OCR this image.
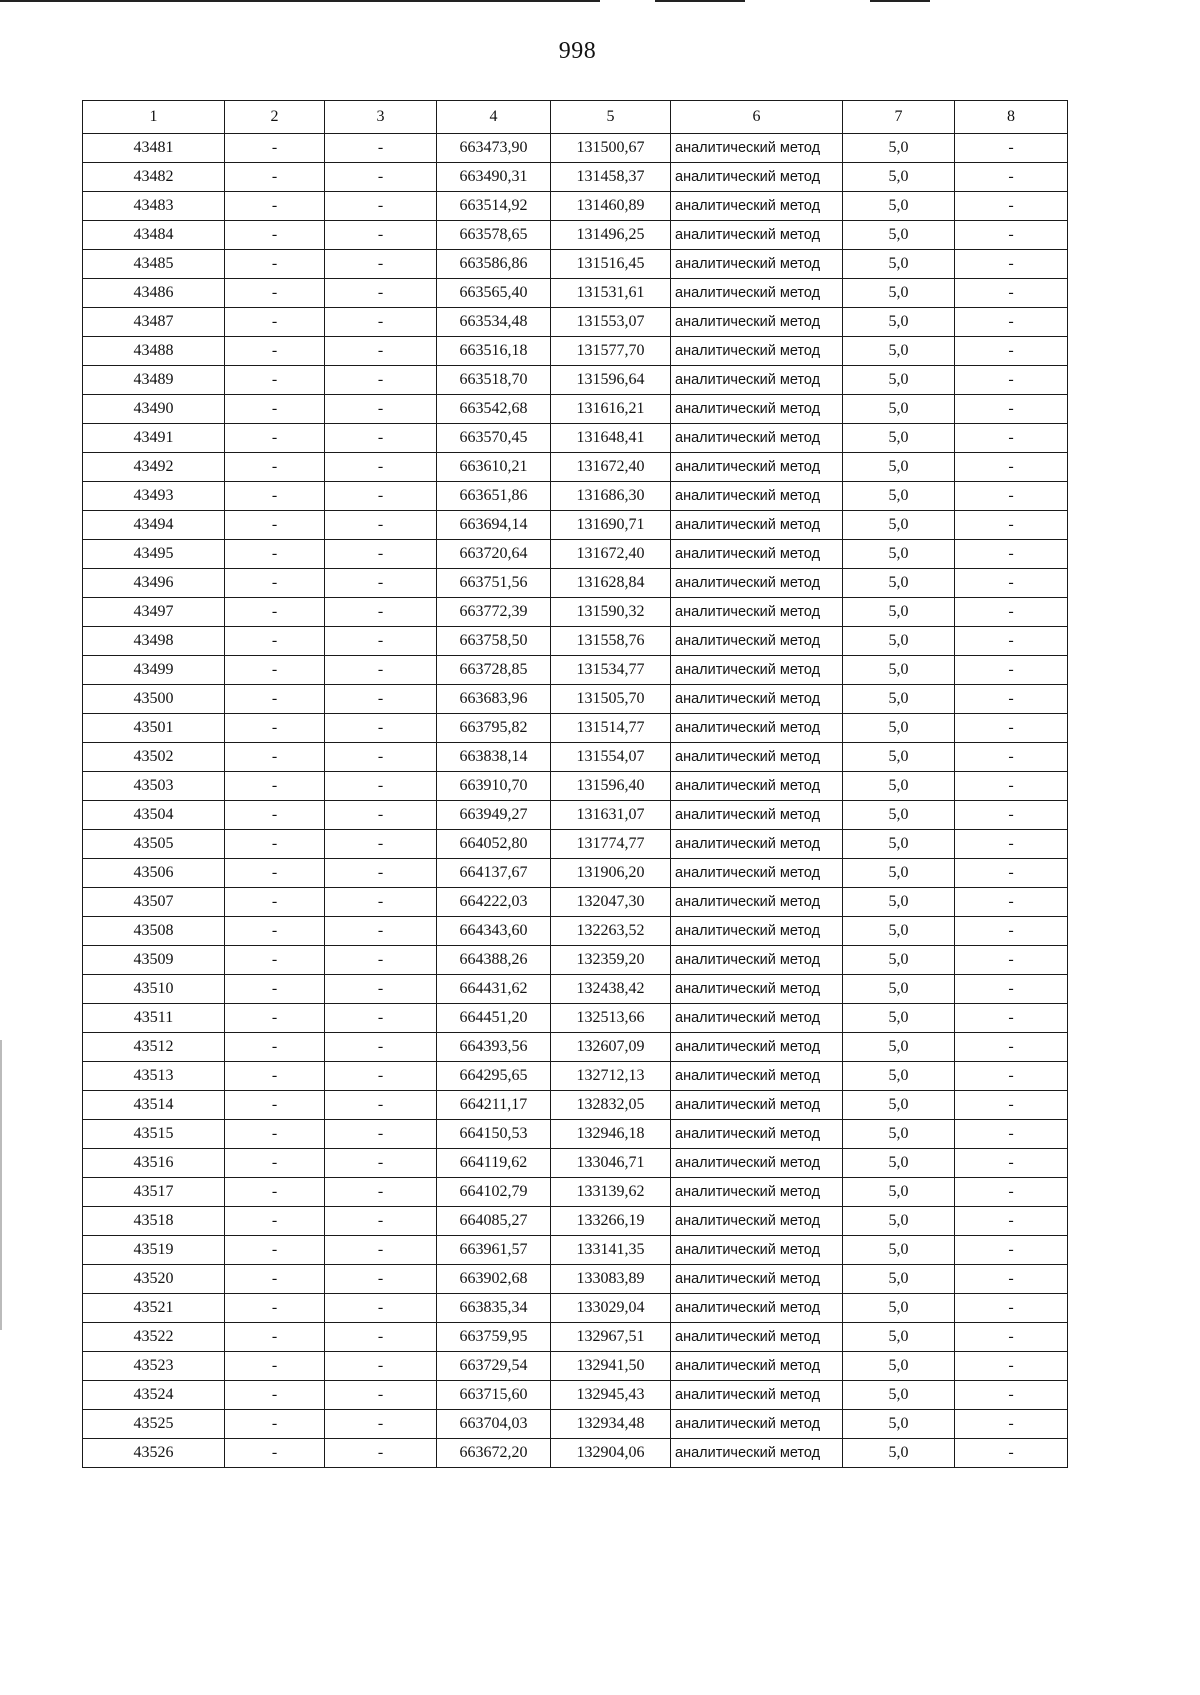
998
1	2	3	4	5	6	7	8
43481	-	-	663473,90	131500,67	аналитический метод	5,0	-
43482	-	-	663490,31	131458,37	аналитический метод	5,0	-
43483	-	-	663514,92	131460,89	аналитический метод	5,0	-
43484	-	-	663578,65	131496,25	аналитический метод	5,0	-
43485	-	-	663586,86	131516,45	аналитический метод	5,0	-
43486	-	-	663565,40	131531,61	аналитический метод	5,0	-
43487	-	-	663534,48	131553,07	аналитический метод	5,0	-
43488	-	-	663516,18	131577,70	аналитический метод	5,0	-
43489	-	-	663518,70	131596,64	аналитический метод	5,0	-
43490	-	-	663542,68	131616,21	аналитический метод	5,0	-
43491	-	-	663570,45	131648,41	аналитический метод	5,0	-
43492	-	-	663610,21	131672,40	аналитический метод	5,0	-
43493	-	-	663651,86	131686,30	аналитический метод	5,0	-
43494	-	-	663694,14	131690,71	аналитический метод	5,0	-
43495	-	-	663720,64	131672,40	аналитический метод	5,0	-
43496	-	-	663751,56	131628,84	аналитический метод	5,0	-
43497	-	-	663772,39	131590,32	аналитический метод	5,0	-
43498	-	-	663758,50	131558,76	аналитический метод	5,0	-
43499	-	-	663728,85	131534,77	аналитический метод	5,0	-
43500	-	-	663683,96	131505,70	аналитический метод	5,0	-
43501	-	-	663795,82	131514,77	аналитический метод	5,0	-
43502	-	-	663838,14	131554,07	аналитический метод	5,0	-
43503	-	-	663910,70	131596,40	аналитический метод	5,0	-
43504	-	-	663949,27	131631,07	аналитический метод	5,0	-
43505	-	-	664052,80	131774,77	аналитический метод	5,0	-
43506	-	-	664137,67	131906,20	аналитический метод	5,0	-
43507	-	-	664222,03	132047,30	аналитический метод	5,0	-
43508	-	-	664343,60	132263,52	аналитический метод	5,0	-
43509	-	-	664388,26	132359,20	аналитический метод	5,0	-
43510	-	-	664431,62	132438,42	аналитический метод	5,0	-
43511	-	-	664451,20	132513,66	аналитический метод	5,0	-
43512	-	-	664393,56	132607,09	аналитический метод	5,0	-
43513	-	-	664295,65	132712,13	аналитический метод	5,0	-
43514	-	-	664211,17	132832,05	аналитический метод	5,0	-
43515	-	-	664150,53	132946,18	аналитический метод	5,0	-
43516	-	-	664119,62	133046,71	аналитический метод	5,0	-
43517	-	-	664102,79	133139,62	аналитический метод	5,0	-
43518	-	-	664085,27	133266,19	аналитический метод	5,0	-
43519	-	-	663961,57	133141,35	аналитический метод	5,0	-
43520	-	-	663902,68	133083,89	аналитический метод	5,0	-
43521	-	-	663835,34	133029,04	аналитический метод	5,0	-
43522	-	-	663759,95	132967,51	аналитический метод	5,0	-
43523	-	-	663729,54	132941,50	аналитический метод	5,0	-
43524	-	-	663715,60	132945,43	аналитический метод	5,0	-
43525	-	-	663704,03	132934,48	аналитический метод	5,0	-
43526	-	-	663672,20	132904,06	аналитический метод	5,0	-
